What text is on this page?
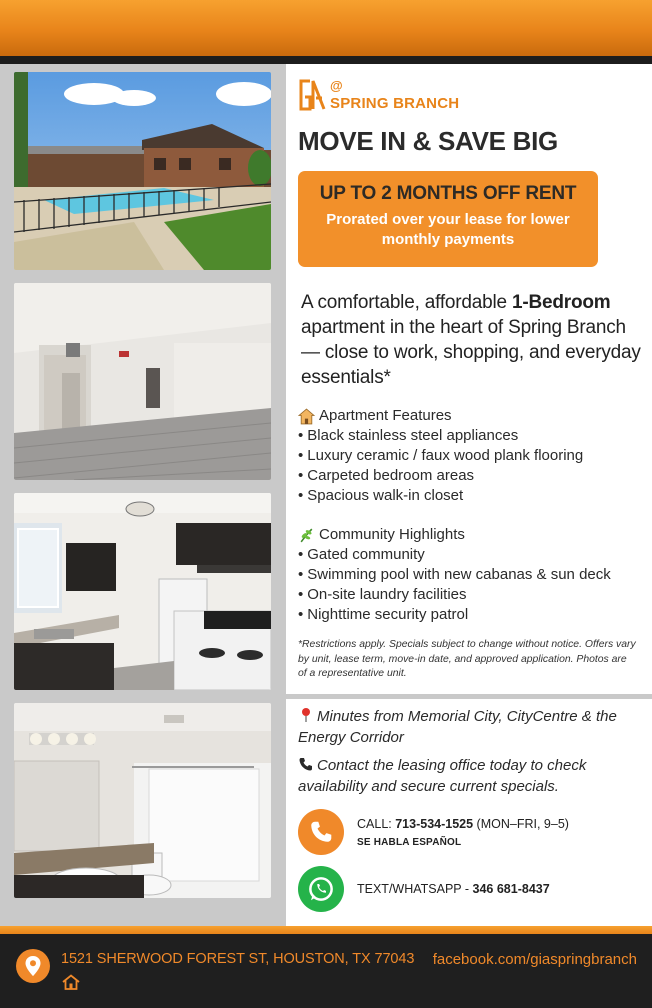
@
SPRING BRANCH
MOVE IN & SAVE BIG
UP TO 2 MONTHS OFF RENT
Prorated over your lease for lower monthly payments
A comfortable, affordable 1-Bedroom apartment in the heart of Spring Branch — close to work, shopping, and everyday essentials*
Apartment Features
• Black stainless steel appliances
• Luxury ceramic / faux wood plank flooring
• Carpeted bedroom areas
• Spacious walk-in closet
Community Highlights
• Gated community
• Swimming pool with new cabanas & sun deck
• On-site laundry facilities
• Nighttime security patrol
*Restrictions apply. Specials subject to change without notice. Offers vary by unit, lease term, move-in date, and approved application. Photos are of a representative unit.
Minutes from Memorial City, CityCentre & the Energy Corridor
Contact the leasing office today to check availability and secure current specials.
CALL: 713-534-1525 (MON–FRI, 9–5)
SE HABLA ESPAÑOL
TEXT/WHATSAPP - 346 681-8437
1521 SHERWOOD FOREST ST, HOUSTON, TX 77043 facebook.com/giaspringbranch
